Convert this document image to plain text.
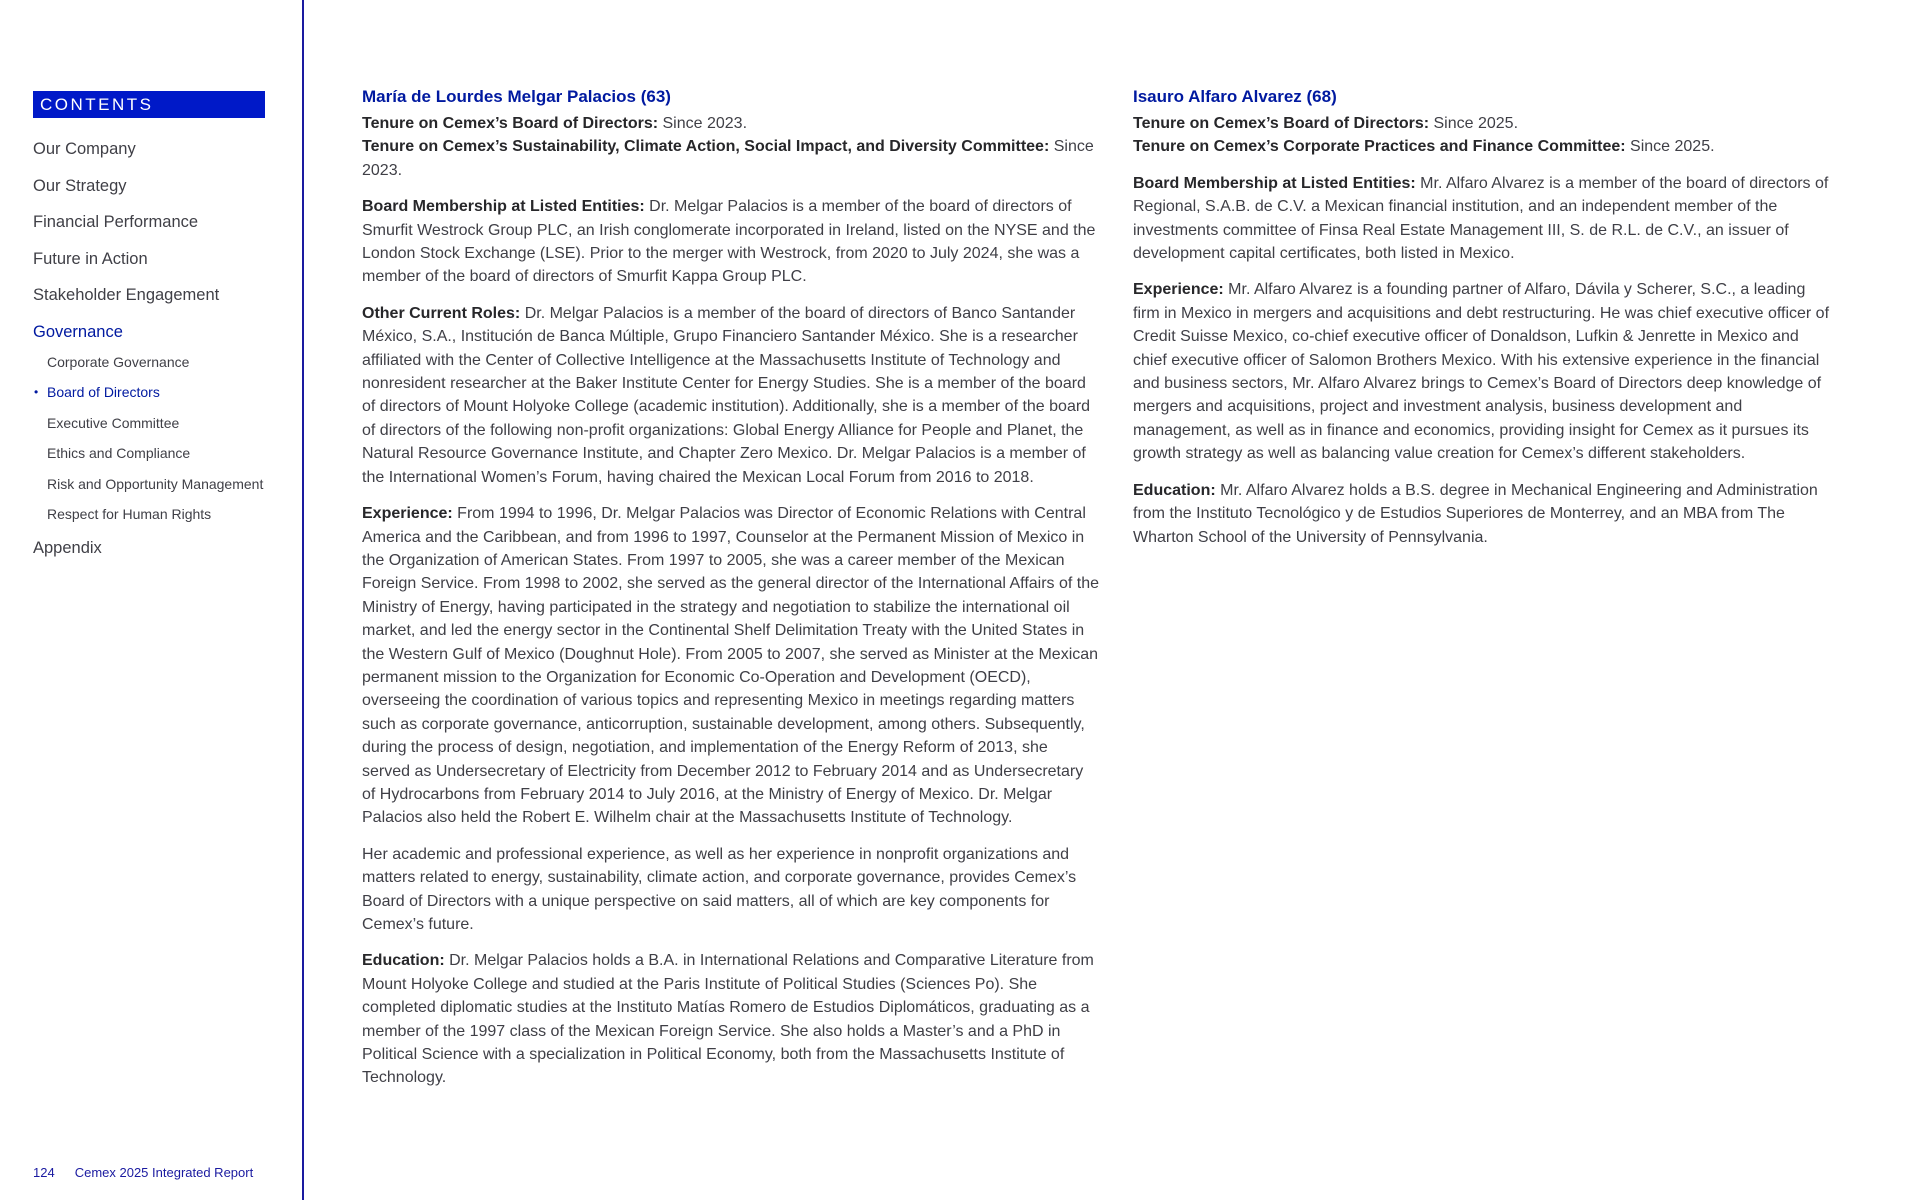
CONTENTS
Our Company
Our Strategy
Financial Performance
Future in Action
Stakeholder Engagement
Governance
Corporate Governance
• Board of Directors
Executive Committee
Ethics and Compliance
Risk and Opportunity Management
Respect for Human Rights
Appendix
124 Cemex 2025 Integrated Report
María de Lourdes Melgar Palacios (63)

Tenure on Cemex’s Board of Directors: Since 2023.

Tenure on Cemex’s Sustainability, Climate Action, Social Impact, and Diversity Committee: Since 2023.

Board Membership at Listed Entities: Dr. Melgar Palacios is a member of the board of directors of Smurfit Westrock Group PLC, an Irish conglomerate incorporated in Ireland, listed on the NYSE and the London Stock Exchange (LSE). Prior to the merger with Westrock, from 2020 to July 2024, she was a member of the board of directors of Smurfit Kappa Group PLC.

Other Current Roles: Dr. Melgar Palacios is a member of the board of directors of Banco Santander México, S.A., Institución de Banca Múltiple, Grupo Financiero Santander México. She is a researcher affiliated with the Center of Collective Intelligence at the Massachusetts Institute of Technology and nonresident researcher at the Baker Institute Center for Energy Studies. She is a member of the board of directors of Mount Holyoke College (academic institution). Additionally, she is a member of the board of directors of the following non-profit organizations: Global Energy Alliance for People and Planet, the Natural Resource Governance Institute, and Chapter Zero Mexico. Dr. Melgar Palacios is a member of the International Women’s Forum, having chaired the Mexican Local Forum from 2016 to 2018.

Experience: From 1994 to 1996, Dr. Melgar Palacios was Director of Economic Relations with Central America and the Caribbean, and from 1996 to 1997, Counselor at the Permanent Mission of Mexico in the Organization of American States. From 1997 to 2005, she was a career member of the Mexican Foreign Service. From 1998 to 2002, she served as the general director of the International Affairs of the Ministry of Energy, having participated in the strategy and negotiation to stabilize the international oil market, and led the energy sector in the Continental Shelf Delimitation Treaty with the United States in the Western Gulf of Mexico (Doughnut Hole). From 2005 to 2007, she served as Minister at the Mexican permanent mission to the Organization for Economic Co-Operation and Development (OECD), overseeing the coordination of various topics and representing Mexico in meetings regarding matters such as corporate governance, anticorruption, sustainable development, among others. Subsequently, during the process of design, negotiation, and implementation of the Energy Reform of 2013, she served as Undersecretary of Electricity from December 2012 to February 2014 and as Undersecretary of Hydrocarbons from February 2014 to July 2016, at the Ministry of Energy of Mexico. Dr. Melgar Palacios also held the Robert E. Wilhelm chair at the Massachusetts Institute of Technology.

Her academic and professional experience, as well as her experience in nonprofit organizations and matters related to energy, sustainability, climate action, and corporate governance, provides Cemex’s Board of Directors with a unique perspective on said matters, all of which are key components for Cemex’s future.

Education: Dr. Melgar Palacios holds a B.A. in International Relations and Comparative Literature from Mount Holyoke College and studied at the Paris Institute of Political Studies (Sciences Po). She completed diplomatic studies at the Instituto Matías Romero de Estudios Diplomáticos, graduating as a member of the 1997 class of the Mexican Foreign Service. She also holds a Master’s and a PhD in Political Science with a specialization in Political Economy, both from the Massachusetts Institute of Technology.

Isauro Alfaro Alvarez (68)

Tenure on Cemex’s Board of Directors: Since 2025.

Tenure on Cemex’s Corporate Practices and Finance Committee: Since 2025.

Board Membership at Listed Entities: Mr. Alfaro Alvarez is a member of the board of directors of Regional, S.A.B. de C.V. a Mexican financial institution, and an independent member of the investments committee of Finsa Real Estate Management III, S. de R.L. de C.V., an issuer of development capital certificates, both listed in Mexico.

Experience: Mr. Alfaro Alvarez is a founding partner of Alfaro, Dávila y Scherer, S.C., a leading firm in Mexico in mergers and acquisitions and debt restructuring. He was chief executive officer of Credit Suisse Mexico, co-chief executive officer of Donaldson, Lufkin & Jenrette in Mexico and chief executive officer of Salomon Brothers Mexico. With his extensive experience in the financial and business sectors, Mr. Alfaro Alvarez brings to Cemex’s Board of Directors deep knowledge of mergers and acquisitions, project and investment analysis, business development and management, as well as in finance and economics, providing insight for Cemex as it pursues its growth strategy as well as balancing value creation for Cemex’s different stakeholders.

Education: Mr. Alfaro Alvarez holds a B.S. degree in Mechanical Engineering and Administration from the Instituto Tecnológico y de Estudios Superiores de Monterrey, and an MBA from The Wharton School of the University of Pennsylvania.
